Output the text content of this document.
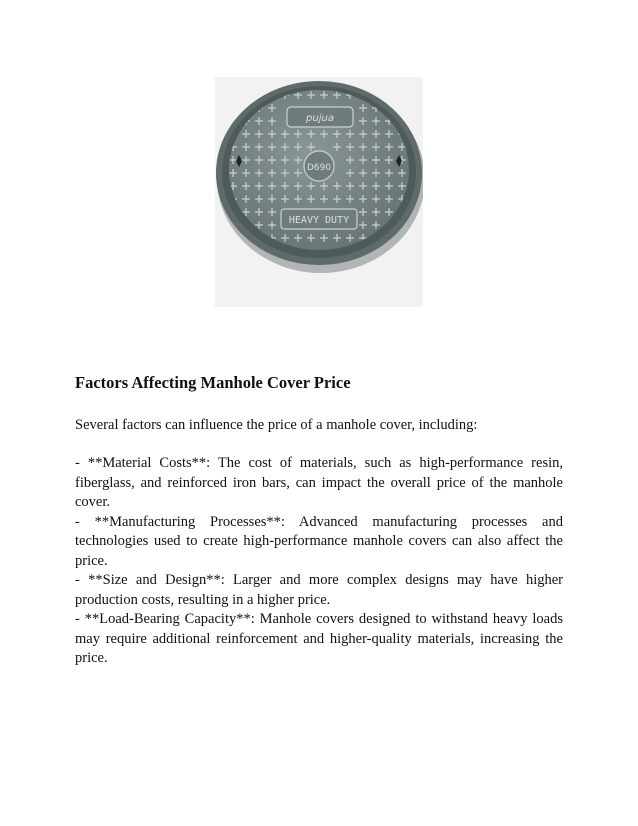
pujua
D690
HEAVY DUTY
Factors Affecting Manhole Cover Price

Several factors can influence the price of a manhole cover, including:

- **Material Costs**: The cost of materials, such as high-performance resin, fiberglass, and reinforced iron bars, can impact the overall price of the manhole cover.

- **Manufacturing Processes**: Advanced manufacturing processes and technologies used to create high-performance manhole covers can also affect the price.

- **Size and Design**: Larger and more complex designs may have higher production costs, resulting in a higher price.

- **Load-Bearing Capacity**: Manhole covers designed to withstand heavy loads may require additional reinforcement and higher-quality materials, increasing the price.
